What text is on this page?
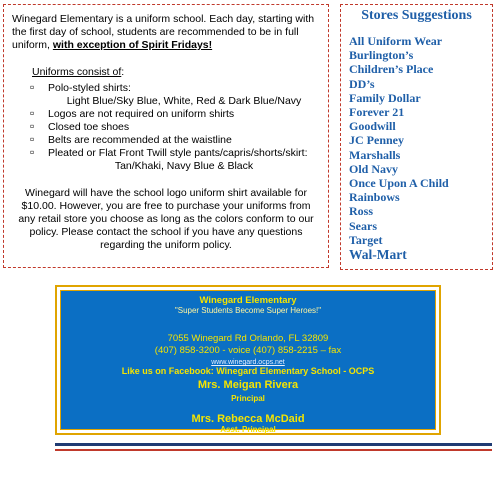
Winegard Elementary is a uniform school. Each day, starting with the first day of school, students are recommended to be in full uniform, with exception of Spirit Fridays!

Uniforms consist of:
▫ Polo-styled shirts:
Light Blue/Sky Blue, White, Red & Dark Blue/Navy
▫ Logos are not required on uniform shirts
▫ Closed toe shoes
▫ Belts are recommended at the waistline
▫ Pleated or Flat Front Twill style pants/capris/shorts/skirt:
Tan/Khaki, Navy Blue & Black

Winegard will have the school logo uniform shirt available for $10.00. However, you are free to purchase your uniforms from any retail store you choose as long as the colors conform to our policy. Please contact the school if you have any questions regarding the uniform policy.

Stores Suggestions
All Uniform Wear
Burlington’s
Children’s Place
DD’s
Family Dollar
Forever 21
Goodwill
JC Penney
Marshalls
Old Navy
Once Upon A Child
Rainbows
Ross
Sears
Target
Wal-Mart
Winegard Elementary
"Super Students Become Super Heroes!"
7055 Winegard Rd Orlando, FL 32809
(407) 858-3200 - voice (407) 858-2215 – fax
www.winegard.ocps.net
Like us on Facebook: Winegard Elementary School - OCPS
Mrs. Meigan Rivera
Principal
Mrs. Rebecca McDaid
Asst. Principal
